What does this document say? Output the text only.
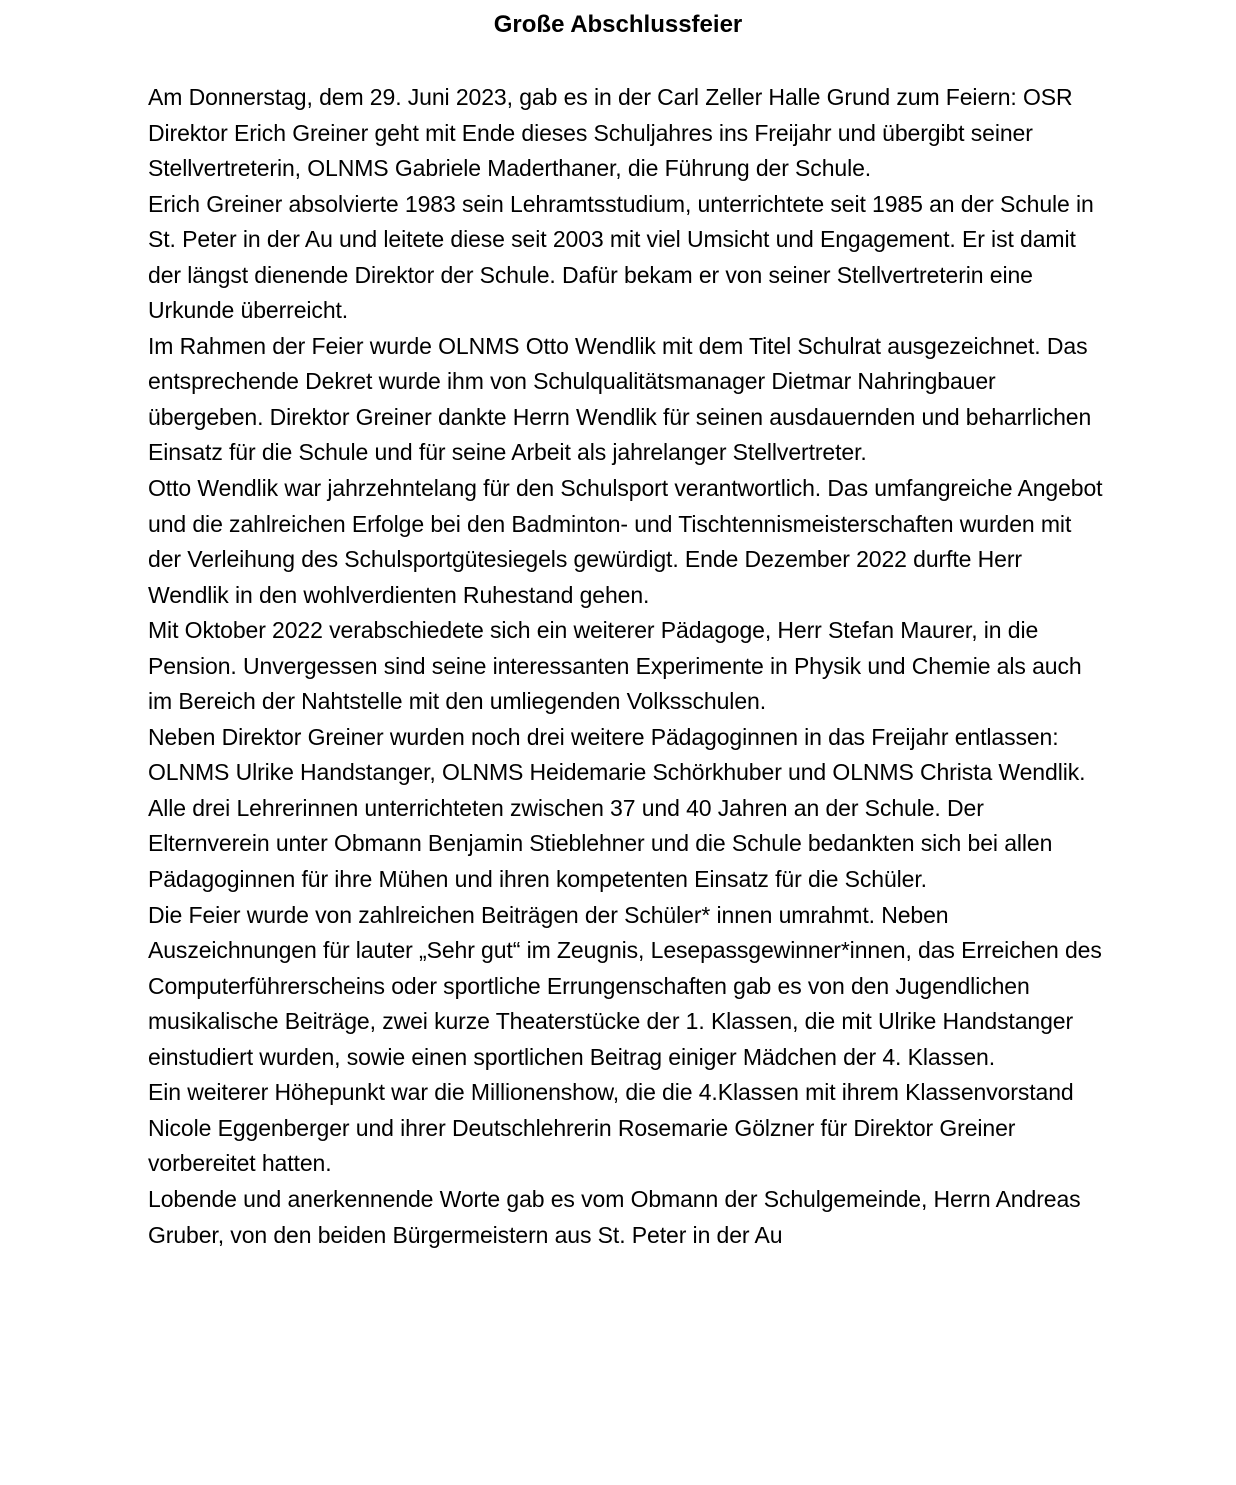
Große Abschlussfeier

Am Donnerstag, dem 29. Juni 2023, gab es in der Carl Zeller Halle Grund zum Feiern: OSR Direktor Erich Greiner geht mit Ende dieses Schuljahres ins Freijahr und übergibt seiner Stellvertreterin, OLNMS Gabriele Maderthaner, die Führung der Schule.

Erich Greiner absolvierte 1983 sein Lehramtsstudium, unterrichtete seit 1985 an der Schule in St. Peter in der Au und leitete diese seit 2003 mit viel Umsicht und Engagement. Er ist damit der längst dienende Direktor der Schule. Dafür bekam er von seiner Stellvertreterin eine Urkunde überreicht.

Im Rahmen der Feier wurde OLNMS Otto Wendlik mit dem Titel Schulrat ausgezeichnet. Das entsprechende Dekret wurde ihm von Schulqualitätsmanager Dietmar Nahringbauer übergeben. Direktor Greiner dankte Herrn Wendlik für seinen ausdauernden und beharrlichen Einsatz für die Schule und für seine Arbeit als jahrelanger Stellvertreter.

Otto Wendlik war jahrzehntelang für den Schulsport verantwortlich. Das umfangreiche Angebot und die zahlreichen Erfolge bei den Badminton- und Tischtennismeisterschaften wurden mit der Verleihung des Schulsportgütesiegels gewürdigt. Ende Dezember 2022 durfte Herr Wendlik in den wohlverdienten Ruhestand gehen.

Mit Oktober 2022 verabschiedete sich ein weiterer Pädagoge, Herr Stefan Maurer, in die Pension. Unvergessen sind seine interessanten Experimente in Physik und Chemie als auch im Bereich der Nahtstelle mit den umliegenden Volksschulen.

Neben Direktor Greiner wurden noch drei weitere Pädagoginnen in das Freijahr entlassen: OLNMS Ulrike Handstanger, OLNMS Heidemarie Schörkhuber und OLNMS Christa Wendlik. Alle drei Lehrerinnen unterrichteten zwischen 37 und 40 Jahren an der Schule. Der Elternverein unter Obmann Benjamin Stieblehner und die Schule bedankten sich bei allen Pädagoginnen für ihre Mühen und ihren kompetenten Einsatz für die Schüler.

Die Feier wurde von zahlreichen Beiträgen der Schüler* innen umrahmt. Neben Auszeichnungen für lauter „Sehr gut“ im Zeugnis, Lesepassgewinner*innen, das Erreichen des Computerführerscheins oder sportliche Errungenschaften gab es von den Jugendlichen musikalische Beiträge, zwei kurze Theaterstücke der 1. Klassen, die mit Ulrike Handstanger einstudiert wurden, sowie einen sportlichen Beitrag einiger Mädchen der 4. Klassen.

Ein weiterer Höhepunkt war die Millionenshow, die die 4.Klassen mit ihrem Klassenvorstand Nicole Eggenberger und ihrer Deutschlehrerin Rosemarie Gölzner für Direktor Greiner vorbereitet hatten.

Lobende und anerkennende Worte gab es vom Obmann der Schulgemeinde, Herrn Andreas Gruber, von den beiden Bürgermeistern aus St. Peter in der Au
